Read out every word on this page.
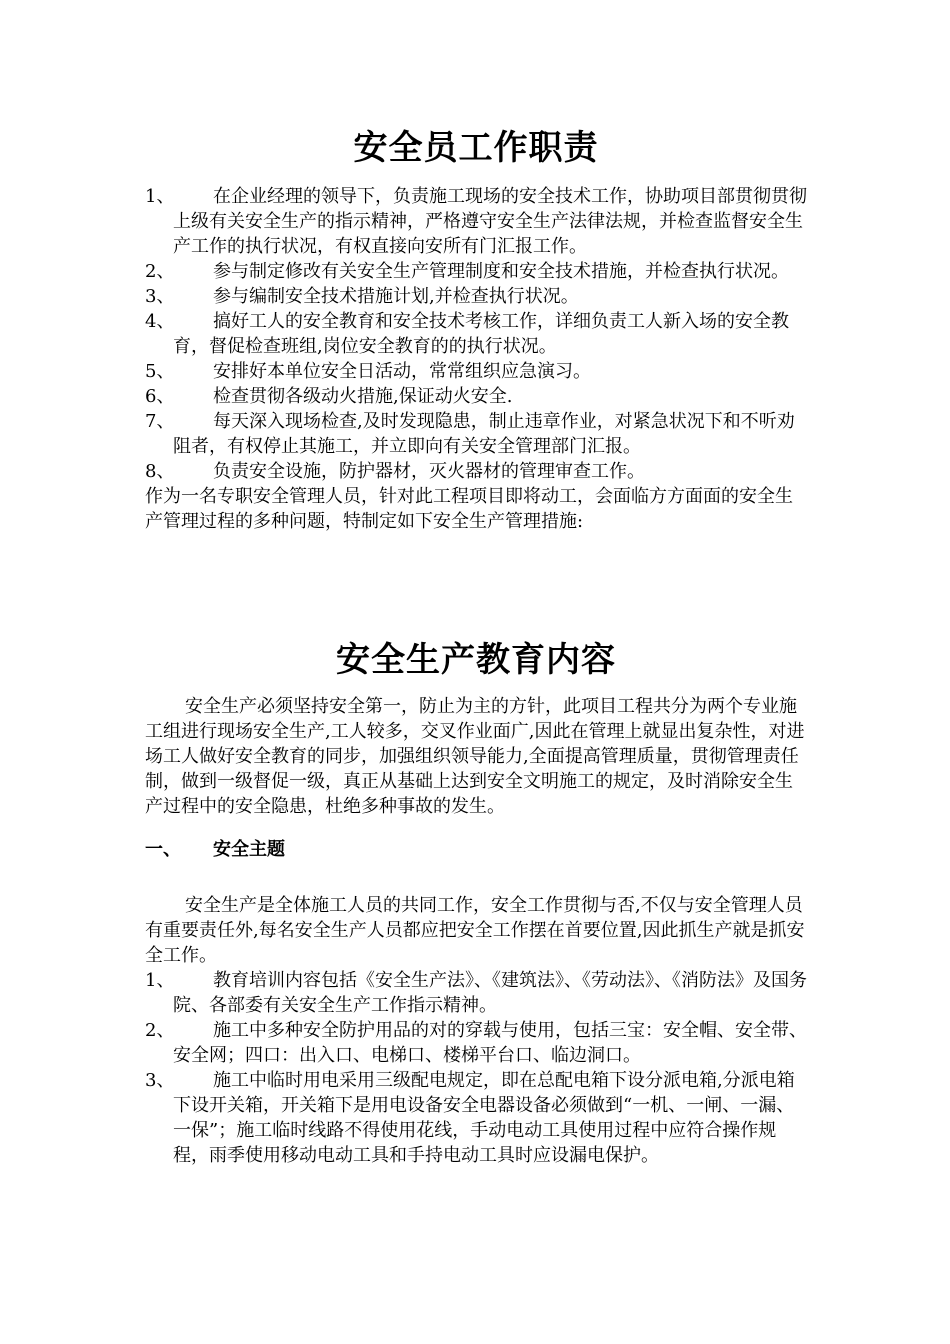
安全员工作职责
1、 在企业经理的领导下，负责施工现场的安全技术工作，协助项目部贯彻贯彻上级有关安全生产的指示精神，严格遵守安全生产法律法规，并检查监督安全生产工作的执行状况，有权直接向安所有门汇报工作。
2、 参与制定修改有关安全生产管理制度和安全技术措施，并检查执行状况。
3、 参与编制安全技术措施计划,并检查执行状况。
4、 搞好工人的安全教育和安全技术考核工作，详细负责工人新入场的安全教育，督促检查班组,岗位安全教育的的执行状况。
5、 安排好本单位安全日活动，常常组织应急演习。
6、 检查贯彻各级动火措施,保证动火安全.
7、 每天深入现场检查,及时发现隐患，制止违章作业，对紧急状况下和不听劝阻者，有权停止其施工，并立即向有关安全管理部门汇报。
8、 负责安全设施，防护器材，灭火器材的管理审查工作。

作为一名专职安全管理人员，针对此工程项目即将动工，会面临方方面面的安全生产管理过程的多种问题，特制定如下安全生产管理措施:

安全生产教育内容

安全生产必须坚持安全第一，防止为主的方针，此项目工程共分为两个专业施工组进行现场安全生产,工人较多，交叉作业面广,因此在管理上就显出复杂性，对进场工人做好安全教育的同步，加强组织领导能力,全面提高管理质量，贯彻管理责任制，做到一级督促一级，真正从基础上达到安全文明施工的规定，及时消除安全生产过程中的安全隐患，杜绝多种事故的发生。

一、 安全主题

安全生产是全体施工人员的共同工作，安全工作贯彻与否,不仅与安全管理人员有重要责任外,每名安全生产人员都应把安全工作摆在首要位置,因此抓生产就是抓安全工作。

1、 教育培训内容包括《安全生产法》、《建筑法》、《劳动法》、《消防法》及国务院、各部委有关安全生产工作指示精神。
2、 施工中多种安全防护用品的对的穿载与使用，包括三宝：安全帽、安全带、安全网；四口：出入口、电梯口、楼梯平台口、临边洞口。
3、 施工中临时用电采用三级配电规定，即在总配电箱下设分派电箱,分派电箱下设开关箱，开关箱下是用电设备安全电器设备必须做到“一机、一闸、一漏、一保”；施工临时线路不得使用花线，手动电动工具使用过程中应符合操作规程，雨季使用移动电动工具和手持电动工具时应设漏电保护。
